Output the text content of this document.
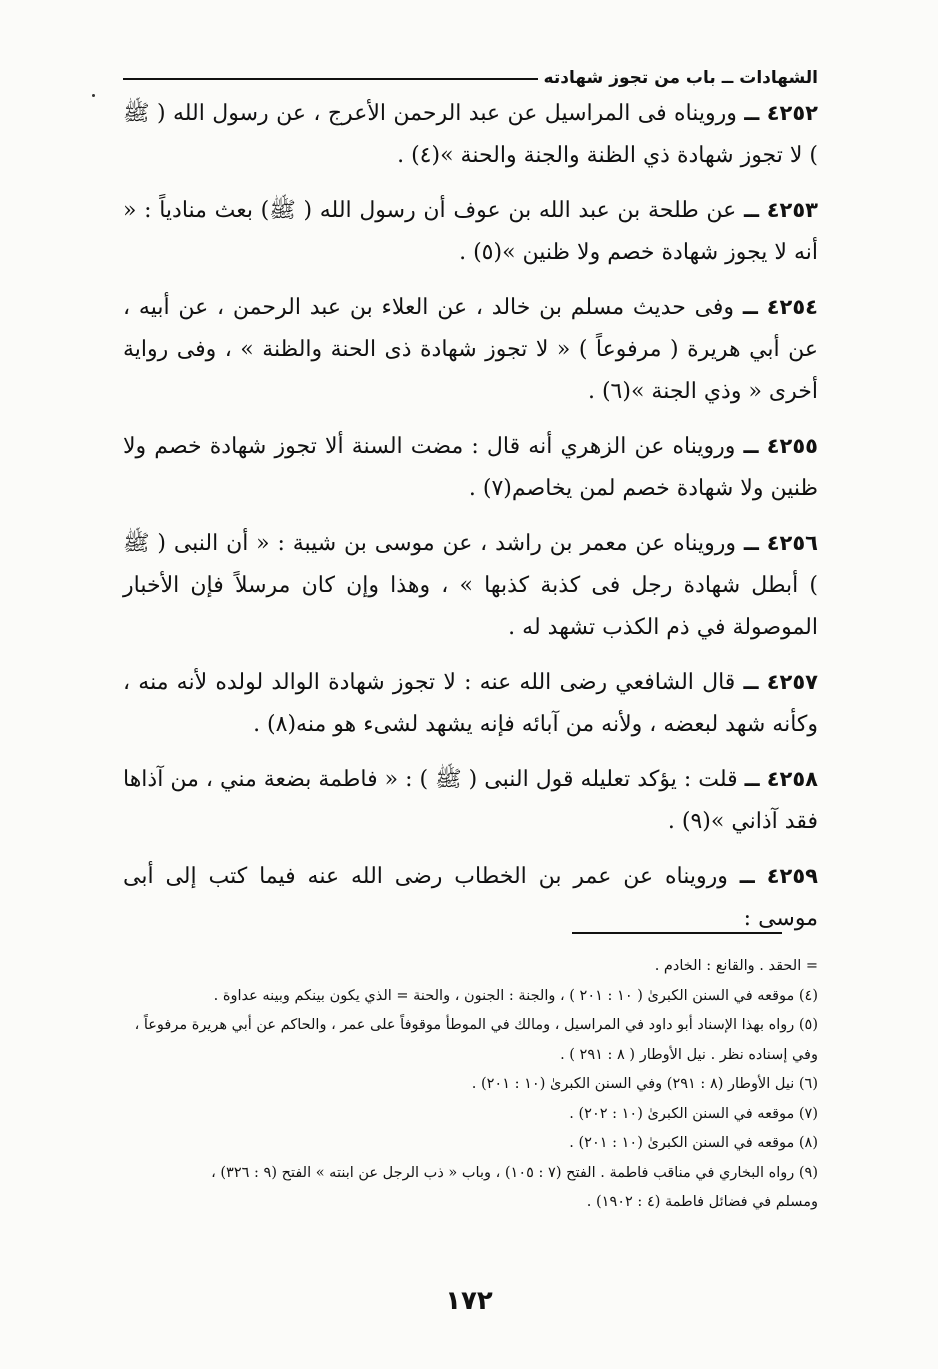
الشهادات ــ باب من تجوز شهادته

٤٢٥٢ ــ ورويناه فى المراسيل عن عبد الرحمن الأعرج ، عن رسول الله ( ﷺ ) لا تجوز شهادة ذي الظنة والجنة والحنة »(٤) .

٤٢٥٣ ــ عن طلحة بن عبد الله بن عوف أن رسول الله ( ﷺ) بعث منادياً : « أنه لا يجوز شهادة خصم ولا ظنين »(٥) .

٤٢٥٤ ــ وفى حديث مسلم بن خالد ، عن العلاء بن عبد الرحمن ، عن أبيه ، عن أبي هريرة ( مرفوعاً ) « لا تجوز شهادة ذى الحنة والظنة » ، وفى رواية أخرى « وذي الجنة »(٦) .

٤٢٥٥ ــ ورويناه عن الزهري أنه قال : مضت السنة ألا تجوز شهادة خصم ولا ظنين ولا شهادة خصم لمن يخاصم(٧) .

٤٢٥٦ ــ ورويناه عن معمر بن راشد ، عن موسى بن شيبة : « أن النبى ( ﷺ ) أبطل شهادة رجل فى كذبة كذبها » ، وهذا وإن كان مرسلاً فإن الأخبار الموصولة في ذم الكذب تشهد له .

٤٢٥٧ ــ قال الشافعي رضى الله عنه : لا تجوز شهادة الوالد لولده لأنه منه ، وكأنه شهد لبعضه ، ولأنه من آبائه فإنه يشهد لشىء هو منه(٨) .

٤٢٥٨ ــ قلت : يؤكد تعليله قول النبى ( ﷺ ) : « فاطمة بضعة مني ، من آذاها فقد آذاني »(٩) .

٤٢٥٩ ــ ورويناه عن عمر بن الخطاب رضى الله عنه فيما كتب إلى أبى موسى :

= الحقد . والقانع : الخادم .

(٤) موقعه في السنن الكبرىٰ ( ١٠ : ٢٠١ ) ، والجنة : الجنون ، والحنة = الذي يكون بينكم وبينه عداوة .

(٥) رواه بهذا الإسناد أبو داود في المراسيل ، ومالك في الموطأ موقوفاً على عمر ، والحاكم عن أبي هريرة مرفوعاً ،

وفي إسناده نظر . نيل الأوطار ( ٨ : ٢٩١ ) .

(٦) نيل الأوطار (٨ : ٢٩١) وفي السنن الكبرىٰ (١٠ : ٢٠١) .

(٧) موقعه في السنن الكبرىٰ (١٠ : ٢٠٢) .

(٨) موقعه في السنن الكبرىٰ (١٠ : ٢٠١) .

(٩) رواه البخاري في مناقب فاطمة . الفتح (٧ : ١٠٥) ، وباب « ذب الرجل عن ابنته » الفتح (٩ : ٣٢٦) ،

ومسلم في فضائل فاطمة (٤ : ١٩٠٢) .

١٧٢
